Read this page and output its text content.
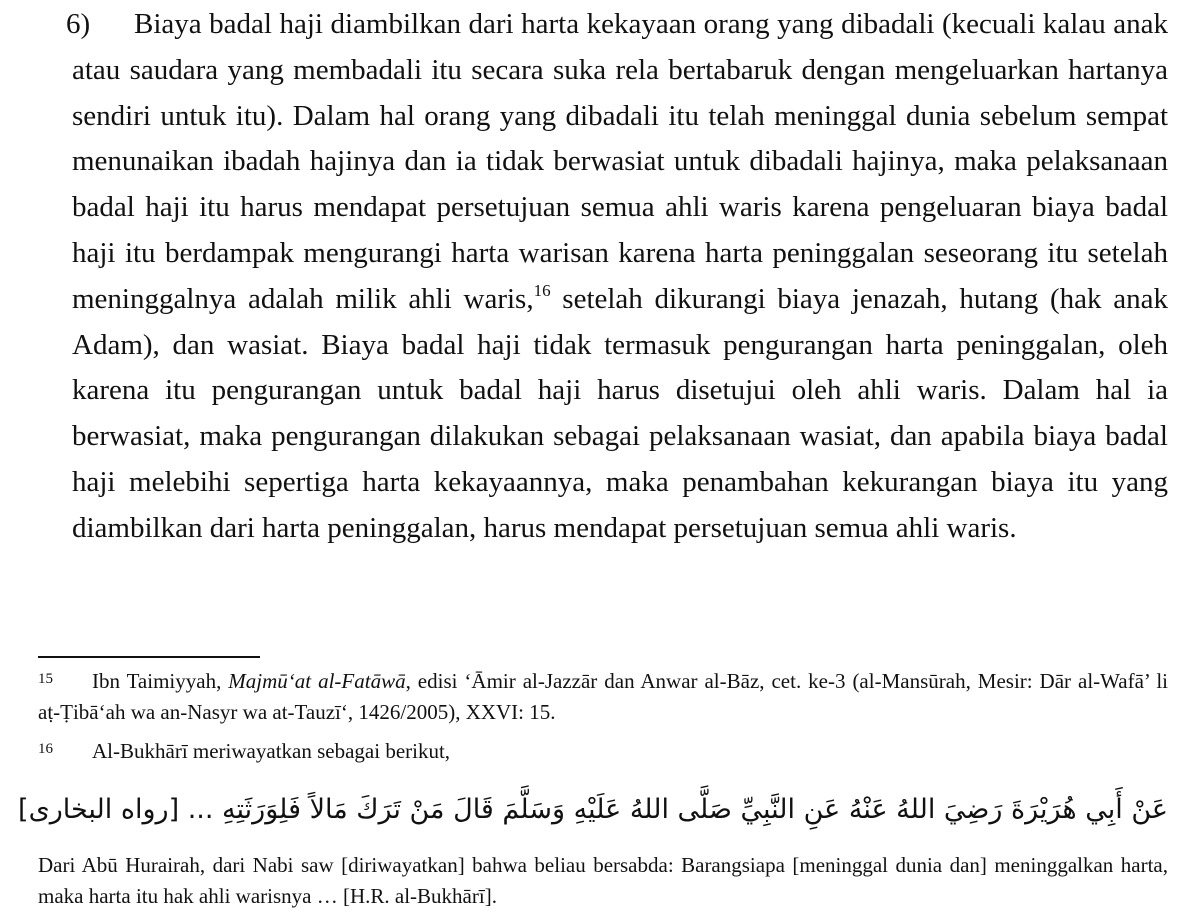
6)	Biaya badal haji diambilkan dari harta kekayaan orang yang dibadali (kecuali kalau anak atau saudara yang membadali itu secara suka rela bertabaruk dengan mengeluarkan hartanya sendiri untuk itu). Dalam hal orang yang dibadali itu telah meninggal dunia sebelum sempat menunaikan ibadah hajinya dan ia tidak berwasiat untuk dibadali hajinya, maka pelaksanaan badal haji itu harus mendapat persetujuan semua ahli waris karena pengeluaran biaya badal haji itu berdampak mengurangi harta warisan karena harta peninggalan seseorang itu setelah meninggalnya adalah milik ahli waris,$^{16}$ setelah dikurangi biaya jenazah, hutang (hak anak Adam), dan wasiat. Biaya badal haji tidak termasuk pengurangan harta peninggalan, oleh karena itu pengurangan untuk badal haji harus disetujui oleh ahli waris. Dalam hal ia berwasiat, maka pengurangan dilakukan sebagai pelaksanaan wasiat, dan apabila biaya badal haji melebihi sepertiga harta kekayaannya, maka penambahan kekurangan biaya itu yang diambilkan dari harta peninggalan, harus mendapat persetujuan semua ahli waris.

15 Ibn Taimiyyah, Majmū‘at al-Fatāwā, edisi ‘Āmir al-Jazzār dan Anwar al-Bāz, cet. ke-3 (al-Mansūrah, Mesir: Dār al-Wafā’ li aṭ-Ṭibā‘ah wa an-Nasyr wa at-Tauzī‘, 1426/2005), XXVI: 15.

16 Al-Bukhārī meriwayatkan sebagai berikut,

عَنْ أَبِي هُرَيْرَةَ رَضِيَ اللهُ عَنْهُ عَنِ النَّبِيِّ صَلَّى اللهُ عَلَيْهِ وَسَلَّمَ قَالَ مَنْ تَرَكَ مَالاً فَلِوَرَثَتِهِ ... [رواه البخارى]

Dari Abū Hurairah, dari Nabi saw [diriwayatkan] bahwa beliau bersabda: Barangsiapa [meninggal dunia dan] meninggalkan harta, maka harta itu hak ahli warisnya … [H.R. al-Bukhārī].
